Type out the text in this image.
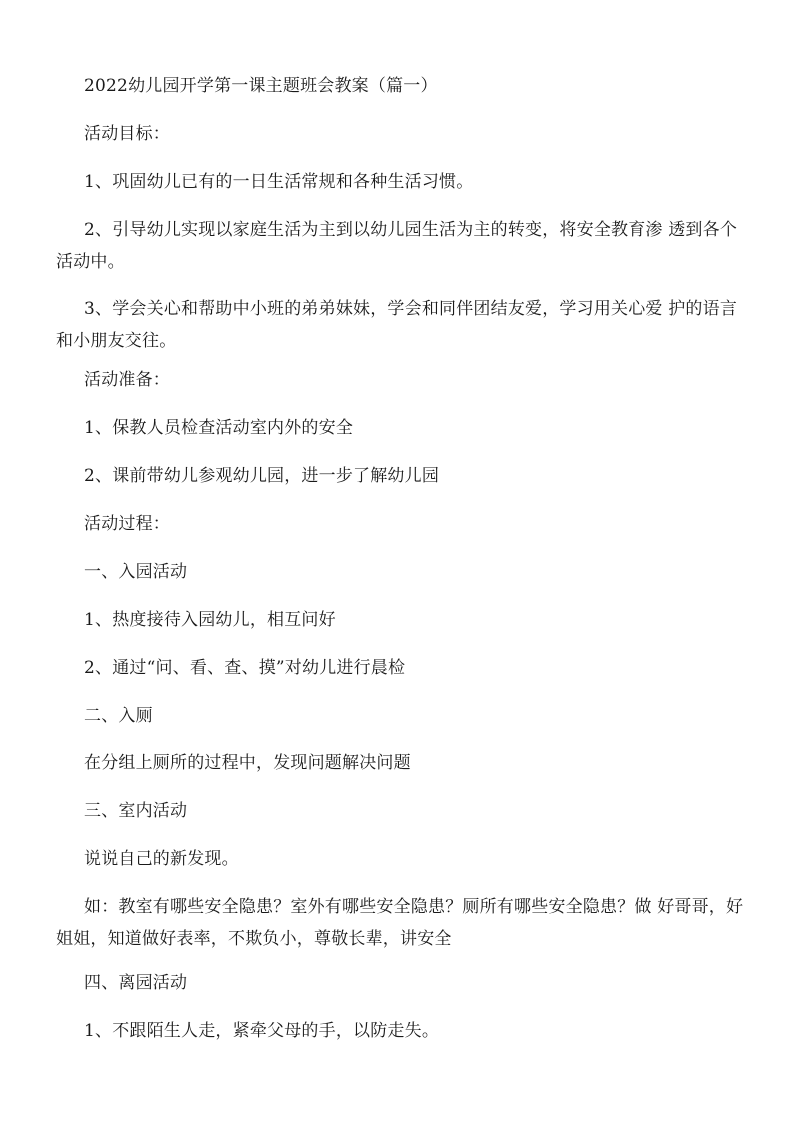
2022幼儿园开学第一课主题班会教案（篇一）
活动目标：
1、巩固幼儿已有的一日生活常规和各种生活习惯。
2、引导幼儿实现以家庭生活为主到以幼儿园生活为主的转变，将安全教育渗 透到各个活动中。
3、学会关心和帮助中小班的弟弟妹妹，学会和同伴团结友爱，学习用关心爱 护的语言和小朋友交往。
活动准备：
1、保教人员检查活动室内外的安全
2、课前带幼儿参观幼儿园，进一步了解幼儿园
活动过程：
一、入园活动
1、热度接待入园幼儿，相互问好
2、通过“问、看、查、摸”对幼儿进行晨检
二、入厕
在分组上厕所的过程中，发现问题解决问题
三、室内活动
说说自己的新发现。
如：教室有哪些安全隐患？室外有哪些安全隐患？厕所有哪些安全隐患？做 好哥哥，好姐姐，知道做好表率，不欺负小，尊敬长辈，讲安全
四、离园活动
1、不跟陌生人走，紧牵父母的手，以防走失。
